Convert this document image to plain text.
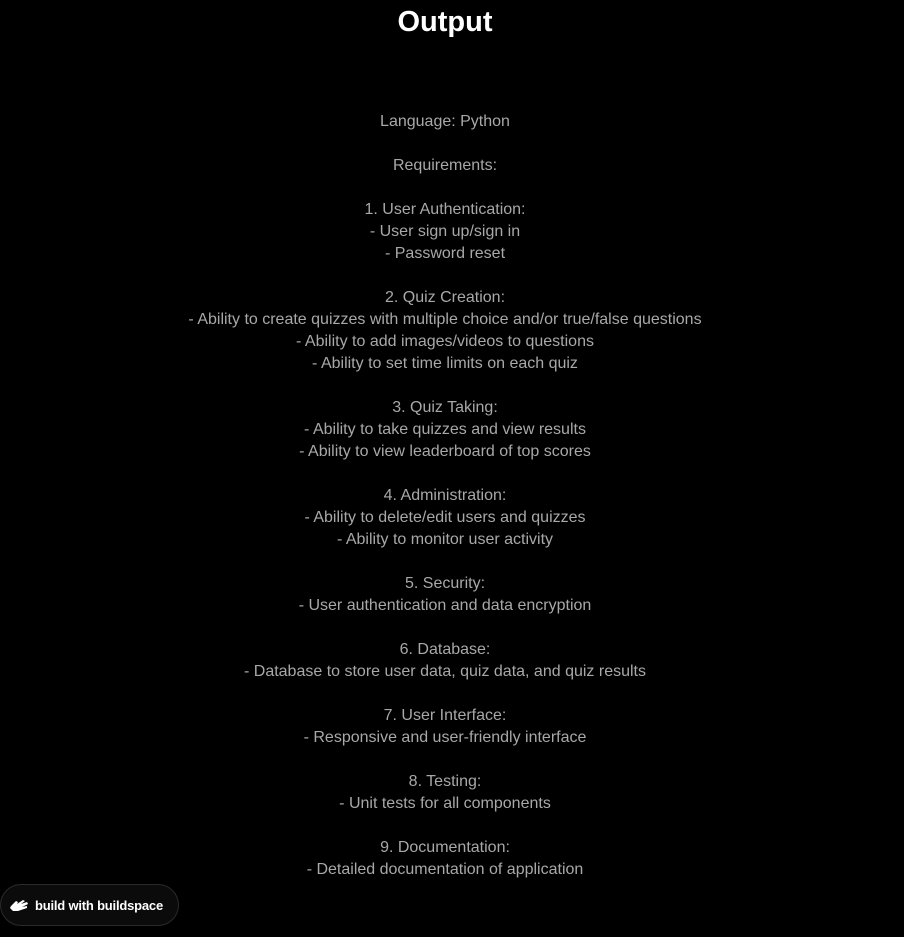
Output
Language: Python
Requirements:
1. User Authentication:
- User sign up/sign in
- Password reset
2. Quiz Creation:
- Ability to create quizzes with multiple choice and/or true/false questions
- Ability to add images/videos to questions
- Ability to set time limits on each quiz
3. Quiz Taking:
- Ability to take quizzes and view results
- Ability to view leaderboard of top scores
4. Administration:
- Ability to delete/edit users and quizzes
- Ability to monitor user activity
5. Security:
- User authentication and data encryption
6. Database:
- Database to store user data, quiz data, and quiz results
7. User Interface:
- Responsive and user-friendly interface
8. Testing:
- Unit tests for all components
9. Documentation:
- Detailed documentation of application
build with buildspace
